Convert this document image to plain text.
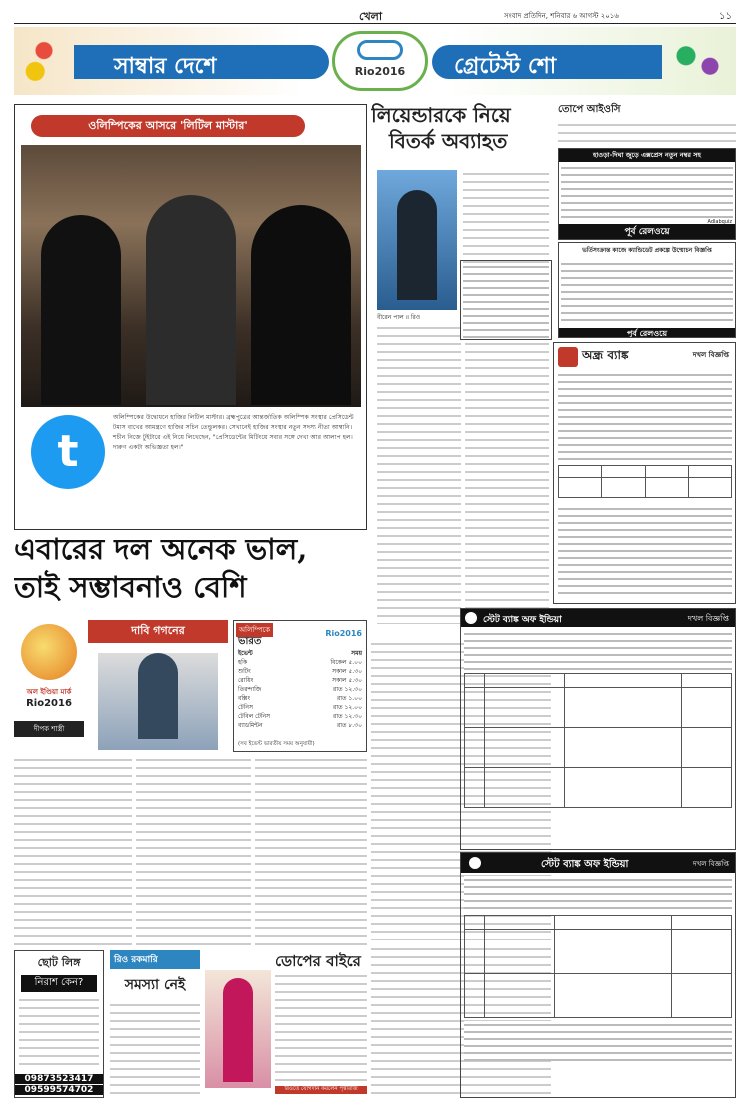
খেলা	সংবাদ প্রতিদিন, শনিবার ৬ আগস্ট ২০১৬	১১
সাম্বার দেশে	Rio2016	গ্রেটেস্ট শো
ওলিম্পিকের আসরে 'লিটিল মাস্টার'
t
অলিম্পিকের উদ্বোধনে হাজির লিটিল মাস্টার। ব্রহ্মপুত্রের আন্তর্জাতিক অলিম্পিক সংস্থার প্রেসিডেন্ট টমাস বাখের আমন্ত্রণে হাজির সচিন তেন্ডুলকর। সেখানেই হাজির সংস্থার নতুন সদস্য নীতা আম্বানি। শচীন নিজে টুইটারে এই নিয়ে লিখেছেন, "প্রেসিডেন্টের মিটিংয়ে সবার সঙ্গে দেখা আর আলাপ হল। দারুণ একটা অভিজ্ঞতা হল।"
এবারের দল অনেক ভাল,
তাই সম্ভাবনাও বেশি
অল ইণ্ডিয়া মার্ক
Rio2016
দীপক শাস্ত্রী
দাবি গগনের	অলিম্পিকে
ভারত
Rio2016
ইভেন্ট	সময়
হকি	বিকেল ৫.০০
শুটিং	সকাল ৫.৩০
রোয়িং	সকাল ৫.৩০
তিরন্দাজি	রাত ১২.৩০
বক্সিং	রাত ১.০০
টেনিস	রাত ১২.০০
টেবিল টেনিস	রাত ১২.৩০
ব্যাডমিন্টন	রাত ৮.৩০
(সব ইভেন্ট ভারতীয় সময় অনুযায়ী)
ছোট লিঙ্গ
নিরাশ কেন?
09873523417
09599574702
রিও রকমারি
সমস্যা নেই
ডোপের বাইরে
রিওতে যোগদান করলেন পৃথ্বীরাজ
লিয়েন্ডারকে নিয়ে
বিতর্ক অব্যাহত
বীরেন পাল ॥ রিও
তোপে আইওসি
হাওড়া-দিঘা জুড়ে এক্সপ্রেস নতুন নম্বর সহ
পূর্ব রেলওয়ে
Adlabquiz
ভর্তিসংক্রান্ত কাজে ক্যান্ডিডেট প্রকল্পে উন্মোচন বিজ্ঞপ্তি
পূর্ব রেলওয়ে
অন্ধ্র ব্যাঙ্ক	দখল বিজ্ঞপ্তি

স্টেট ব্যাঙ্ক অফ ইন্ডিয়া	দখল বিজ্ঞপ্তি

স্টেট ব্যাঙ্ক অফ ইন্ডিয়া	দখল বিজ্ঞপ্তি
